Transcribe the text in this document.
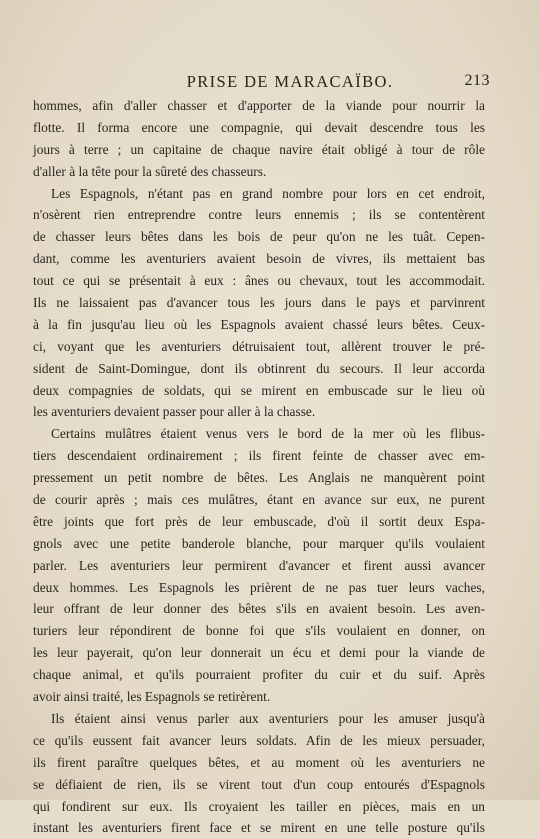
PRISE DE MARACAÏBO.	213
hommes, afin d'aller chasser et d'apporter de la viande pour nourrir la
flotte. Il forma encore une compagnie, qui devait descendre tous les
jours à terre ; un capitaine de chaque navire était obligé à tour de rôle
d'aller à la tête pour la sûreté des chasseurs.
Les Espagnols, n'étant pas en grand nombre pour lors en cet endroit,
n'osèrent rien entreprendre contre leurs ennemis ; ils se contentèrent
de chasser leurs bêtes dans les bois de peur qu'on ne les tuât. Cepen-
dant, comme les aventuriers avaient besoin de vivres, ils mettaient bas
tout ce qui se présentait à eux : ânes ou chevaux, tout les accommodait.
Ils ne laissaient pas d'avancer tous les jours dans le pays et parvinrent
à la fin jusqu'au lieu où les Espagnols avaient chassé leurs bêtes. Ceux-
ci, voyant que les aventuriers détruisaient tout, allèrent trouver le pré-
sident de Saint-Domingue, dont ils obtinrent du secours. Il leur accorda
deux compagnies de soldats, qui se mirent en embuscade sur le lieu où
les aventuriers devaient passer pour aller à la chasse.
Certains mulâtres étaient venus vers le bord de la mer où les flibus-
tiers descendaient ordinairement ; ils firent feinte de chasser avec em-
pressement un petit nombre de bêtes. Les Anglais ne manquèrent point
de courir après ; mais ces mulâtres, étant en avance sur eux, ne purent
être joints que fort près de leur embuscade, d'où il sortit deux Espa-
gnols avec une petite banderole blanche, pour marquer qu'ils voulaient
parler. Les aventuriers leur permirent d'avancer et firent aussi avancer
deux hommes. Les Espagnols les prièrent de ne pas tuer leurs vaches,
leur offrant de leur donner des bêtes s'ils en avaient besoin. Les aven-
turiers leur répondirent de bonne foi que s'ils voulaient en donner, on
les leur payerait, qu'on leur donnerait un écu et demi pour la viande de
chaque animal, et qu'ils pourraient profiter du cuir et du suif. Après
avoir ainsi traité, les Espagnols se retirèrent.
Ils étaient ainsi venus parler aux aventuriers pour les amuser jusqu'à
ce qu'ils eussent fait avancer leurs soldats. Afin de les mieux persuader,
ils firent paraître quelques bêtes, et au moment où les aventuriers ne
se défiaient de rien, ils se virent tout d'un coup entourés d'Espagnols
qui fondirent sur eux. Ils croyaient les tailler en pièces, mais en un
instant les aventuriers firent face et se mirent en une telle posture qu'ils
